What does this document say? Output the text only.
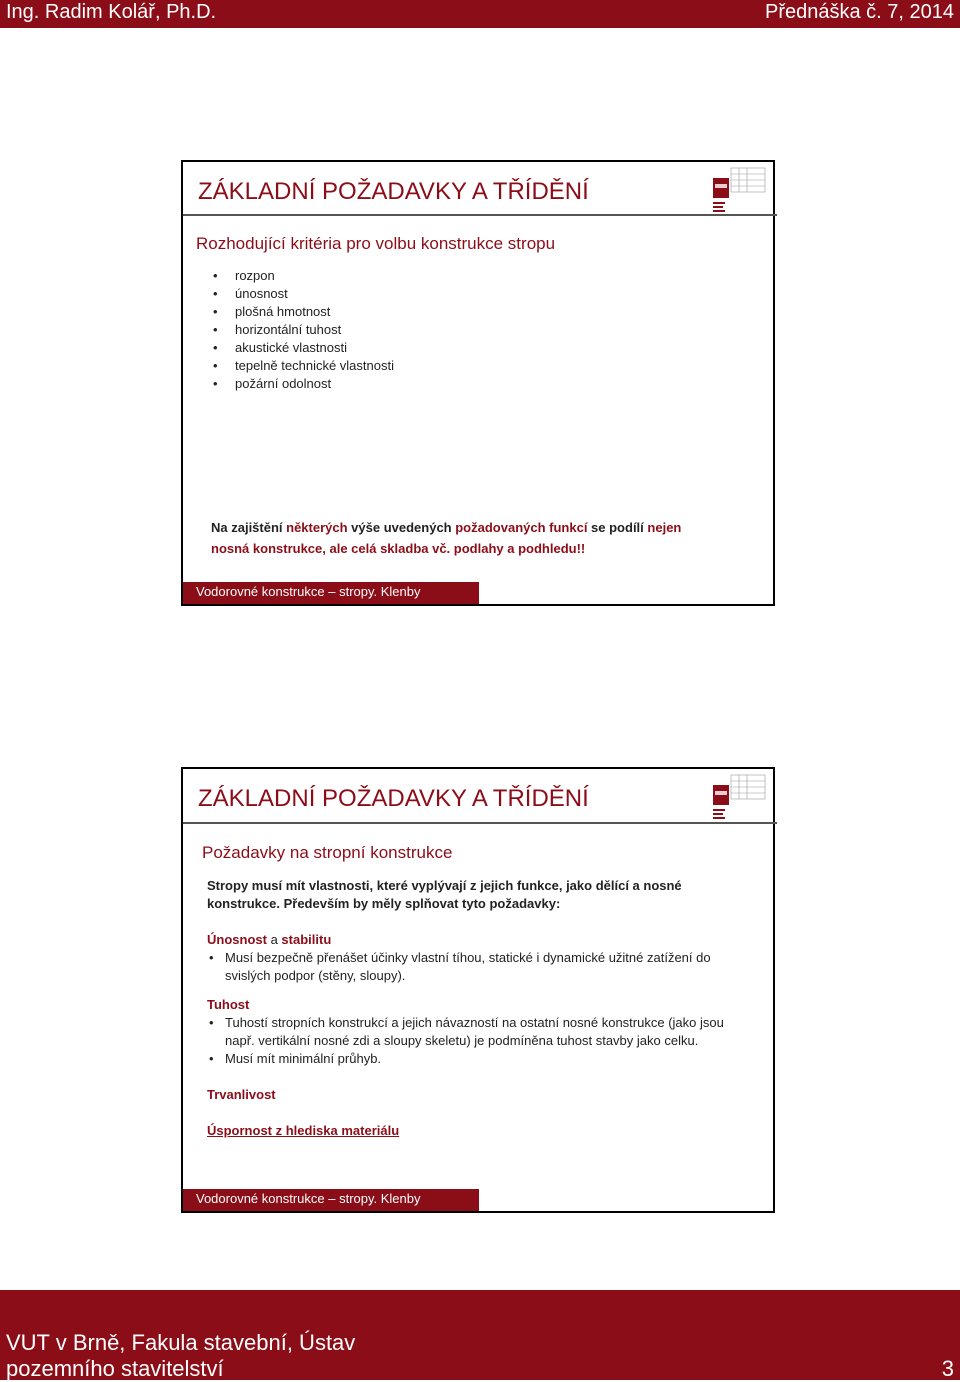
Ing. Radim Kolář, Ph.D.	Přednáška č. 7, 2014
ZÁKLADNÍ POŽADAVKY A TŘÍDĚNÍ
Rozhodující kritéria pro volbu konstrukce stropu
• rozpon
• únosnost
• plošná hmotnost
• horizontální tuhost
• akustické vlastnosti
• tepelně technické vlastnosti
• požární odolnost
Na zajištění některých výše uvedených požadovaných funkcí se podílí nejen
nosná konstrukce, ale celá skladba vč. podlahy a podhledu!!
Vodorovné konstrukce – stropy. Klenby
ZÁKLADNÍ POŽADAVKY A TŘÍDĚNÍ
Požadavky na stropní konstrukce
Stropy musí mít vlastnosti, které vyplývají z jejich funkce, jako dělící a nosné konstrukce. Především by měly splňovat tyto požadavky:
Únosnost a stabilitu
• Musí bezpečně přenášet účinky vlastní tíhou, statické i dynamické užitné zatížení do svislých podpor (stěny, sloupy).
Tuhost
• Tuhostí stropních konstrukcí a jejich návazností na ostatní nosné konstrukce (jako jsou např. vertikální nosné zdi a sloupy skeletu) je podmíněna tuhost stavby jako celku.
• Musí mít minimální průhyb.
Trvanlivost
Úspornost z hlediska materiálu
Vodorovné konstrukce – stropy. Klenby
VUT v Brně, Fakula stavební, Ústav
pozemního stavitelství	3
